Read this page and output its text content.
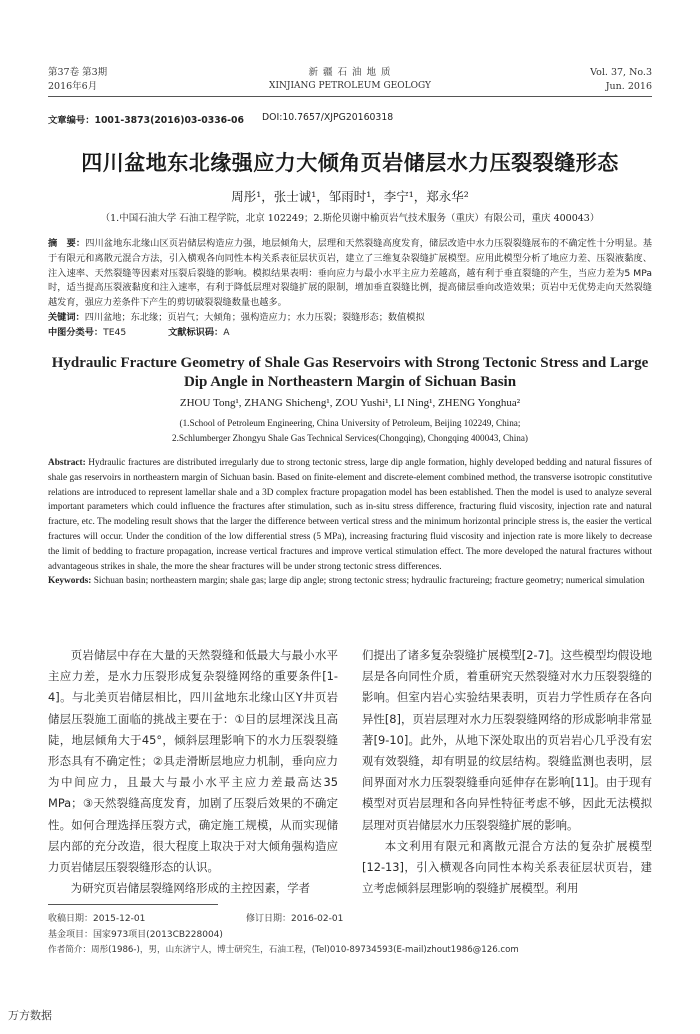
第37卷 第3期
2016年6月
新 疆 石 油 地 质
XINJIANG PETROLEUM GEOLOGY
Vol. 37, No.3
Jun. 2016
文章编号：1001-3873(2016)03-0336-06 DOI:10.7657/XJPG20160318
四川盆地东北缘强应力大倾角页岩储层水力压裂裂缝形态
周彤¹，张士诚¹，邹雨时¹，李宁¹，郑永华²
（1.中国石油大学 石油工程学院，北京 102249；2.斯伦贝谢中榆页岩气技术服务（重庆）有限公司，重庆 400043）
摘　要：四川盆地东北缘山区页岩储层构造应力强，地层倾角大，层理和天然裂缝高度发育，储层改造中水力压裂裂缝展布的不确定性十分明显。基于有限元和离散元混合方法，引入横观各向同性本构关系表征层状页岩，建立了三维复杂裂缝扩展模型。应用此模型分析了地应力差、压裂液黏度、注入速率、天然裂缝等因素对压裂后裂缝的影响。模拟结果表明：垂向应力与最小水平主应力差越高，越有利于垂直裂缝的产生，当应力差为5 MPa时，适当提高压裂液黏度和注入速率，有利于降低层理对裂缝扩展的限制，增加垂直裂缝比例，提高储层垂向改造效果；页岩中无优势走向天然裂缝越发育，强应力差条件下产生的剪切破裂裂缝数量也越多。
关键词：四川盆地；东北缘；页岩气；大倾角；强构造应力；水力压裂；裂缝形态；数值模拟
中图分类号：TE45	文献标识码：A
Hydraulic Fracture Geometry of Shale Gas Reservoirs with Strong Tectonic Stress and Large
Dip Angle in Northeastern Margin of Sichuan Basin
ZHOU Tong¹, ZHANG Shicheng¹, ZOU Yushi¹, LI Ning¹, ZHENG Yonghua²
(1.School of Petroleum Engineering, China University of Petroleum, Beijing 102249, China;
2.Schlumberger Zhongyu Shale Gas Technical Services(Chongqing), Chongqing 400043, China)
Abstract: Hydraulic fractures are distributed irregularly due to strong tectonic stress, large dip angle formation, highly developed bedding and natural fissures of shale gas reservoirs in northeastern margin of Sichuan basin. Based on finite-element and discrete-element combined method, the transverse isotropic constitutive relations are introduced to represent lamellar shale and a 3D complex fracture propagation model has been established. Then the model is used to analyze several important parameters which could influence the fractures after stimulation, such as in-situ stress difference, fracturing fluid viscosity, injection rate and natural fracture, etc. The modeling result shows that the larger the difference between vertical stress and the minimum horizontal principle stress is, the easier the vertical fractures will occur. Under the condition of the low differential stress (5 MPa), increasing fracturing fluid viscosity and injection rate is more likely to decrease the limit of bedding to fracture propagation, increase vertical fractures and improve vertical stimulation effect. The more developed the natural fractures without advantageous strikes in shale, the more the shear fractures will be under strong tectonic stress differences.
Keywords: Sichuan basin; northeastern margin; shale gas; large dip angle; strong tectonic stress; hydraulic fractureing; fracture geometry; numerical simulation

页岩储层中存在大量的天然裂缝和低最大与最小水平主应力差，是水力压裂形成复杂裂缝网络的重要条件[1-4]。与北美页岩储层相比，四川盆地东北缘山区Y井页岩储层压裂施工面临的挑战主要在于：①目的层埋深浅且高陡，地层倾角大于45°，倾斜层理影响下的水力压裂裂缝形态具有不确定性；②具走滑断层地应力机制，垂向应力为中间应力，且最大与最小水平主应力差最高达35 MPa；③天然裂缝高度发育，加剧了压裂后效果的不确定性。如何合理选择压裂方式，确定施工规模，从而实现储层内部的充分改造，很大程度上取决于对大倾角强构造应力页岩储层压裂裂缝形态的认识。

为研究页岩储层裂缝网络形成的主控因素，学者

们提出了诸多复杂裂缝扩展模型[2-7]。这些模型均假设地层是各向同性介质，着重研究天然裂缝对水力压裂裂缝的影响。但室内岩心实验结果表明，页岩力学性质存在各向异性[8]，页岩层理对水力压裂裂缝网络的形成影响非常显著[9-10]。此外，从地下深处取出的页岩岩心几乎没有宏观有效裂缝，却有明显的纹层结构。裂缝监测也表明，层间界面对水力压裂裂缝垂向延伸存在影响[11]。由于现有模型对页岩层理和各向异性特征考虑不够，因此无法模拟层理对页岩储层水力压裂裂缝扩展的影响。

本文利用有限元和离散元混合方法的复杂扩展模型[12-13]，引入横观各向同性本构关系表征层状页岩，建立考虑倾斜层理影响的裂缝扩展模型。利用

收稿日期：2015-12-01	修订日期：2016-02-01
基金项目：国家973项目(2013CB228004)
作者简介：周彤(1986-)，男，山东济宁人，博士研究生，石油工程，(Tel)010-89734593(E-mail)zhout1986@126.com
万方数据
